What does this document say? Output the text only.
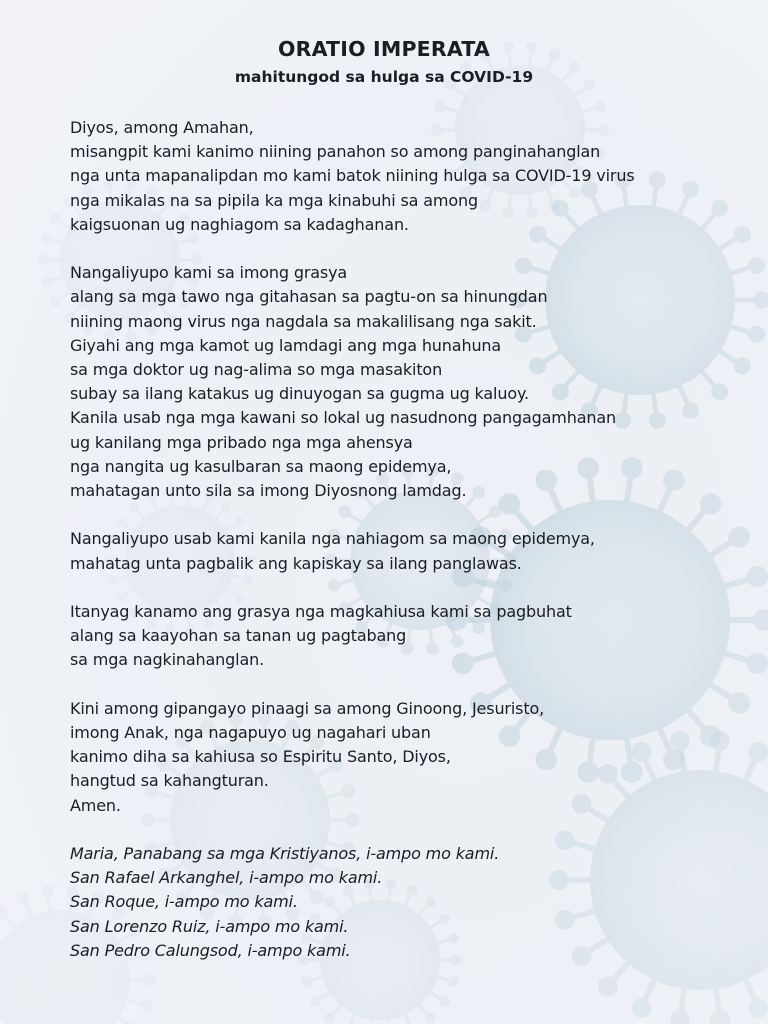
ORATIO IMPERATA
mahitungod sa hulga sa COVID-19
Diyos, among Amahan,
misangpit kami kanimo niining panahon so among panginahanglan
nga unta mapanalipdan mo kami batok niining hulga sa COVID-19 virus
nga mikalas na sa pipila ka mga kinabuhi sa among
kaigsuonan ug naghiagom sa kadaghanan.
Nangaliyupo kami sa imong grasya
alang sa mga tawo nga gitahasan sa pagtu-on sa hinungdan
niining maong virus nga nagdala sa makalilisang nga sakit.
Giyahi ang mga kamot ug lamdagi ang mga hunahuna
sa mga doktor ug nag-alima so mga masakiton
subay sa ilang katakus ug dinuyogan sa gugma ug kaluoy.
Kanila usab nga mga kawani so lokal ug nasudnong pangagamhanan
ug kanilang mga pribado nga mga ahensya
nga nangita ug kasulbaran sa maong epidemya,
mahatagan unto sila sa imong Diyosnong lamdag.
Nangaliyupo usab kami kanila nga nahiagom sa maong epidemya,
mahatag unta pagbalik ang kapiskay sa ilang panglawas.
Itanyag kanamo ang grasya nga magkahiusa kami sa pagbuhat
alang sa kaayohan sa tanan ug pagtabang
sa mga nagkinahanglan.
Kini among gipangayo pinaagi sa among Ginoong, Jesuristo,
imong Anak, nga nagapuyo ug nagahari uban
kanimo diha sa kahiusa so Espiritu Santo, Diyos,
hangtud sa kahangturan.
Amen.
Maria, Panabang sa mga Kristiyanos, i-ampo mo kami.
San Rafael Arkanghel, i-ampo mo kami.
San Roque, i-ampo mo kami.
San Lorenzo Ruiz, i-ampo mo kami.
San Pedro Calungsod, i-ampo kami.
